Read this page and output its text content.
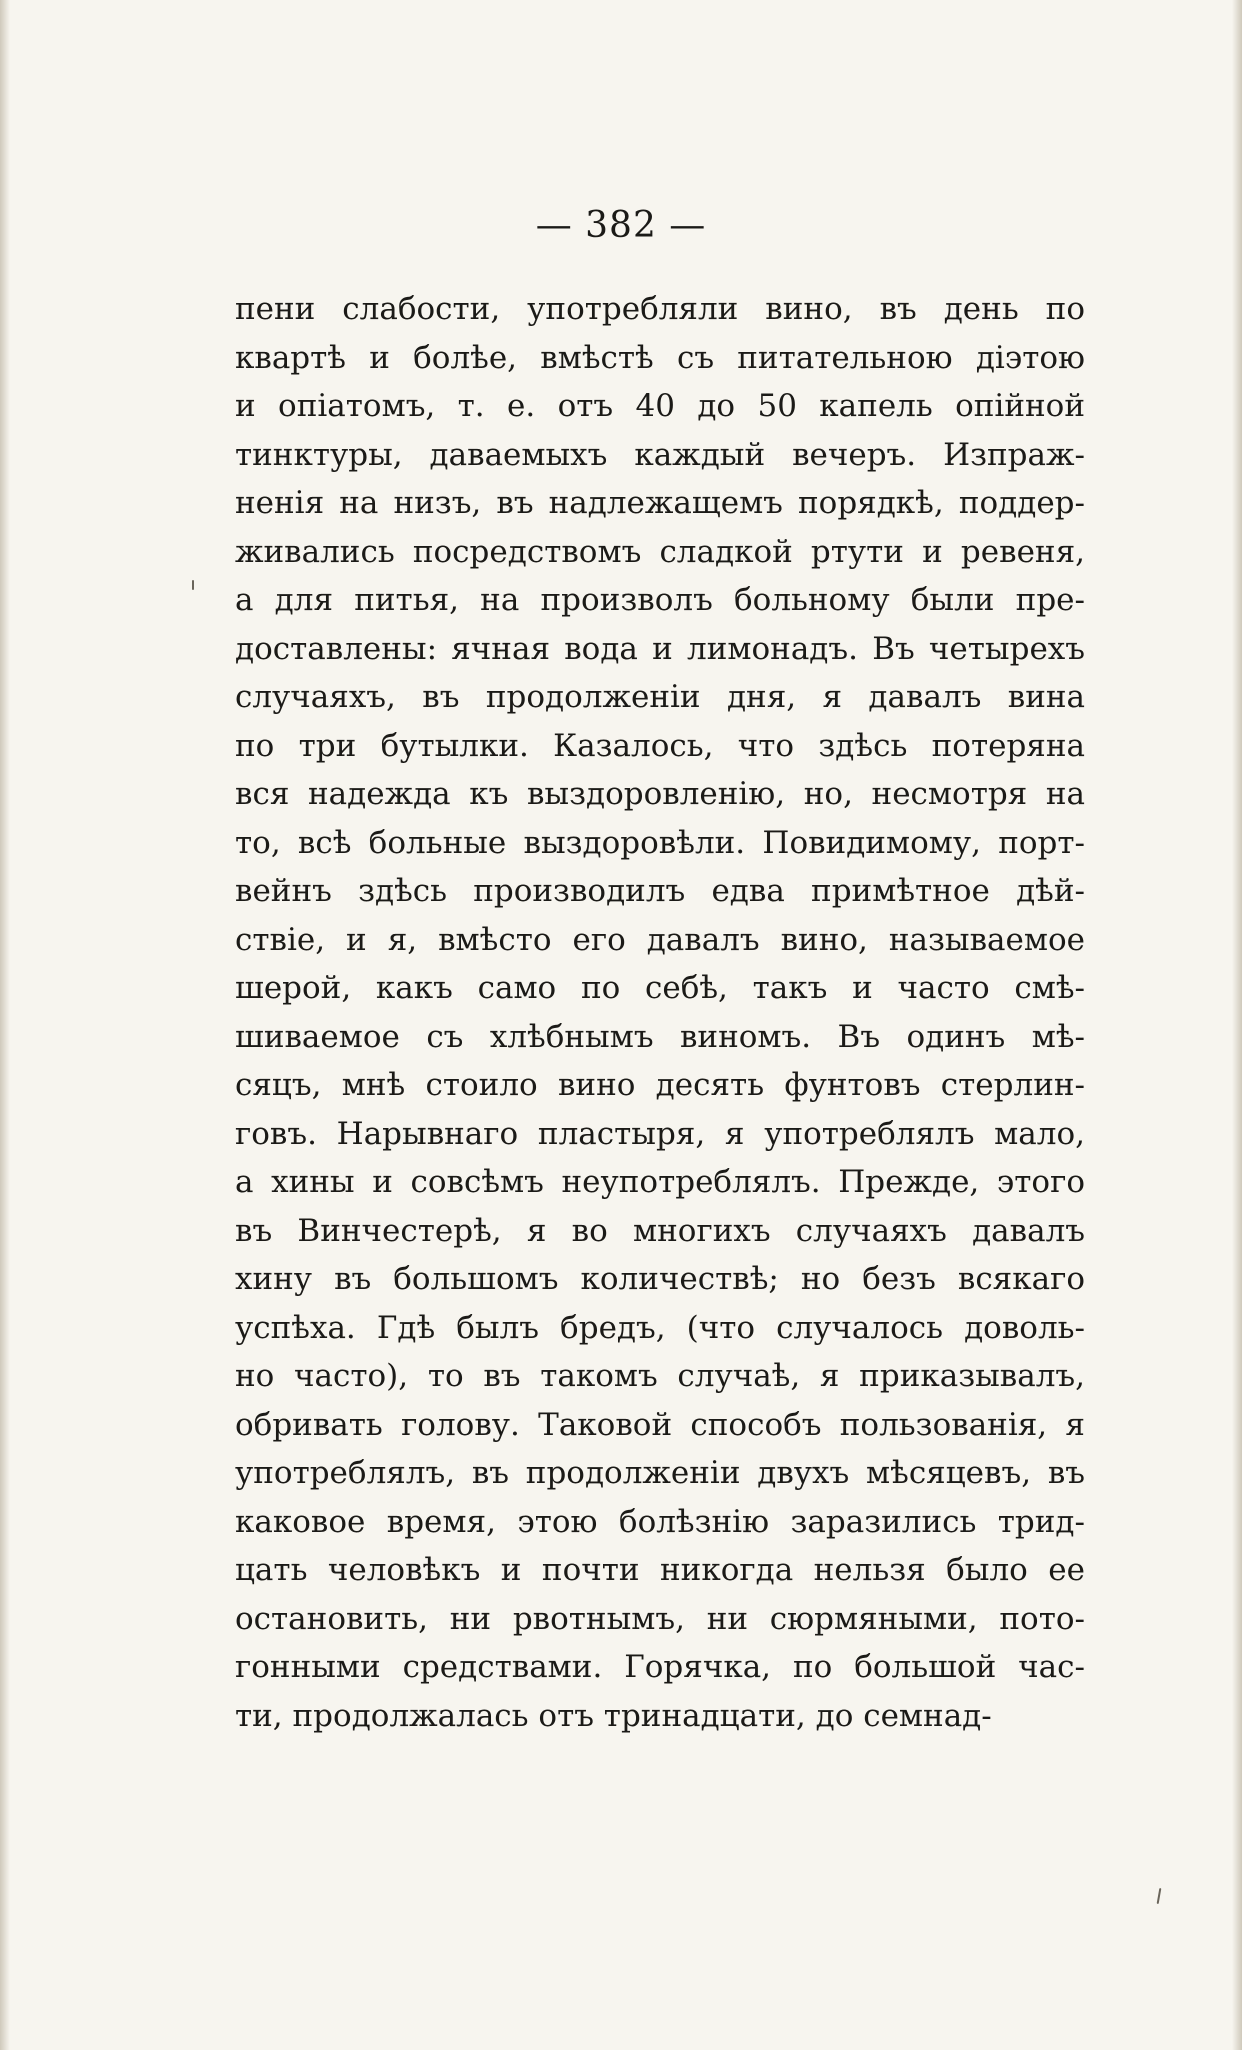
— 382 —
пени слабости, употребляли вино, въ день по
квартѣ и болѣе, вмѣстѣ съ питательною дiэтою
и опiатомъ, т. е. отъ 40 до 50 капель опiйной
тинктуры, даваемыхъ каждый вечеръ. Изпраж-
ненiя на низъ, въ надлежащемъ порядкѣ, поддер-
живались посредствомъ сладкой ртути и ревеня,
а для питья, на произволъ больному были пре-
доставлены: ячная вода и лимонадъ. Въ четырехъ
случаяхъ, въ продолженiи дня, я давалъ вина
по три бутылки. Казалось, что здѣсь потеряна
вся надежда къ выздоровленiю, но, несмотря на
то, всѣ больные выздоровѣли. Повидимому, порт-
вейнъ здѣсь производилъ едва примѣтное дѣй-
ствiе, и я, вмѣсто его давалъ вино, называемое
шерой, какъ само по себѣ, такъ и часто смѣ-
шиваемое съ хлѣбнымъ виномъ. Въ одинъ мѣ-
сяцъ, мнѣ стоило вино десять фунтовъ стерлин-
говъ. Нарывнаго пластыря, я употреблялъ мало,
а хины и совсѣмъ неупотреблялъ. Прежде, этого
въ Винчестерѣ, я во многихъ случаяхъ давалъ
хину въ большомъ количествѣ; но безъ всякаго
успѣха. Гдѣ былъ бредъ, (что случалось доволь-
но часто), то въ такомъ случаѣ, я приказывалъ,
обривать голову. Таковой способъ пользованiя, я
употреблялъ, въ продолженiи двухъ мѣсяцевъ, въ
каковое время, этою болѣзнiю заразились трид-
цать человѣкъ и почти никогда нельзя было ее
остановить, ни рвотнымъ, ни сюрмяными, пото-
гонными средствами. Горячка, по большой час-
ти, продолжалась отъ тринадцати, до семнад-
